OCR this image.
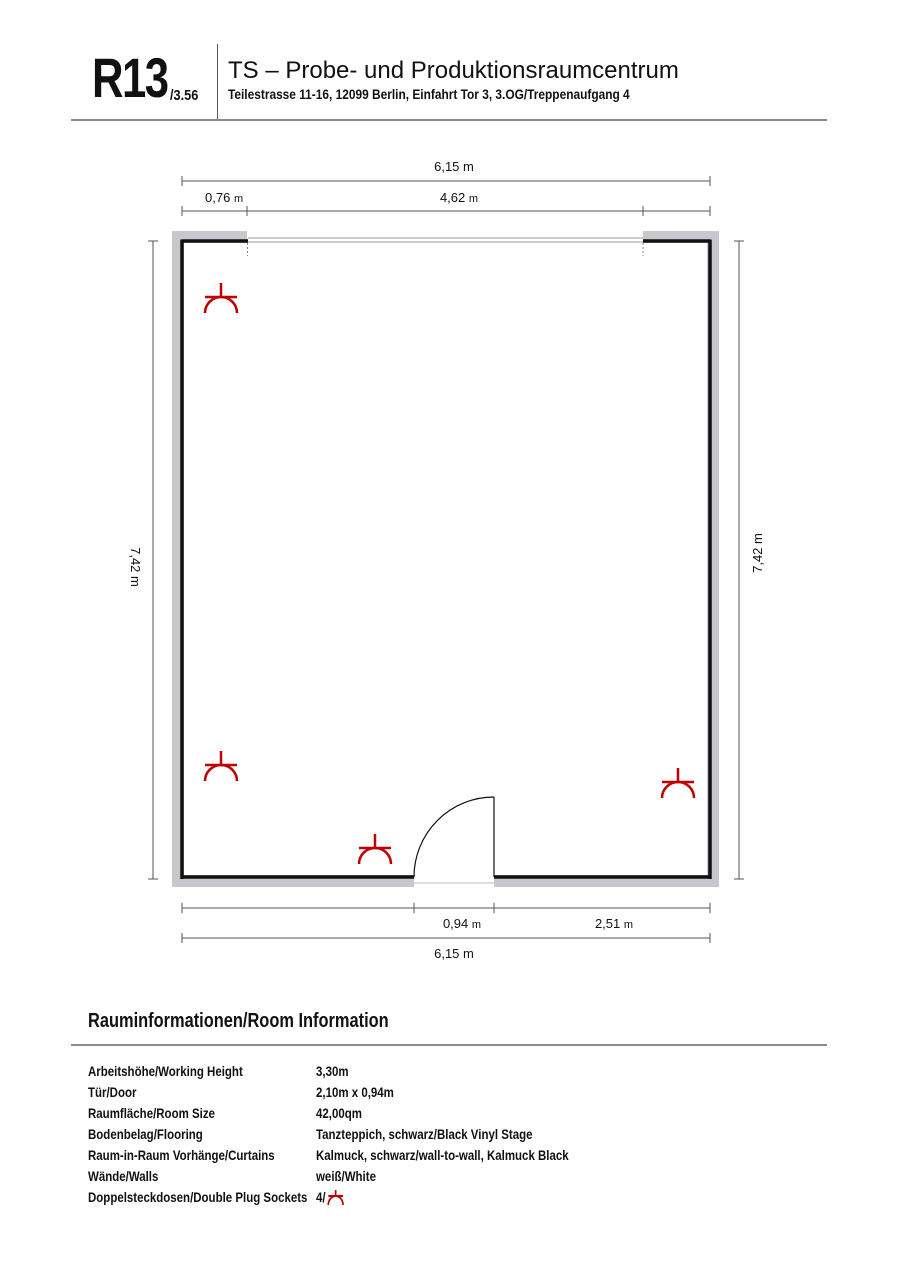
R13 /3.56
TS – Probe- und Produktionsraumcentrum
Teilestrasse 11-16, 12099 Berlin, Einfahrt Tor 3, 3.OG/Treppenaufgang 4
6,15 m
0,76 m	4,62 m
7,42 m
7,42 m
0,94 m	2,51 m
6,15 m
Rauminformationen/Room Information
Arbeitshöhe/Working Height	3,30m
Tür/Door	2,10m x 0,94m
Raumfläche/Room Size	42,00qm
Bodenbelag/Flooring	Tanzteppich, schwarz/Black Vinyl Stage
Raum-in-Raum Vorhänge/Curtains	Kalmuck, schwarz/wall-to-wall, Kalmuck Black
Wände/Walls	weiß/White
Doppelsteckdosen/Double Plug Sockets 4/
